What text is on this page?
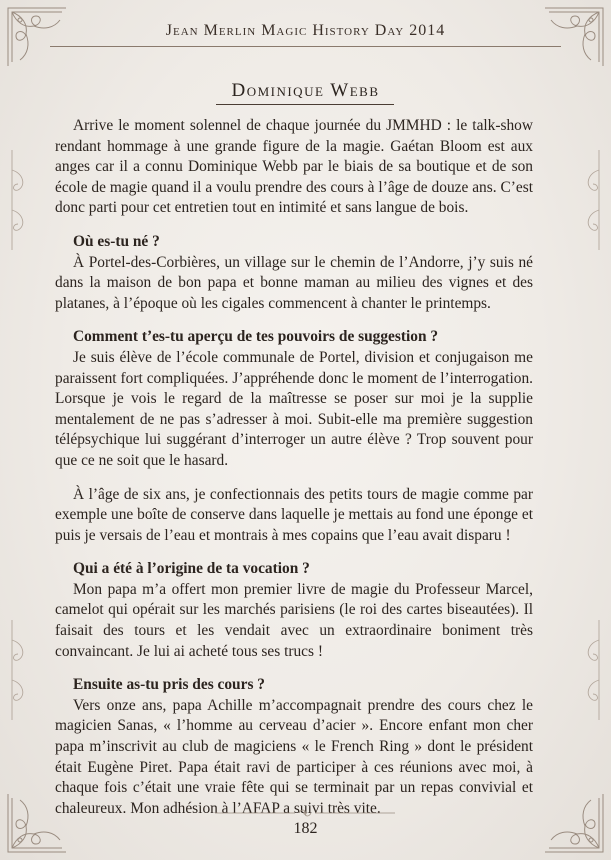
Jean Merlin Magic History Day 2014
Dominique Webb

Arrive le moment solennel de chaque journée du JMMHD : le talk-show rendant hommage à une grande figure de la magie. Gaétan Bloom est aux anges car il a connu Dominique Webb par le biais de sa boutique et de son école de magie quand il a voulu prendre des cours à l’âge de douze ans. C’est donc parti pour cet entretien tout en intimité et sans langue de bois.

Où es-tu né ?

À Portel-des-Corbières, un village sur le chemin de l’Andorre, j’y suis né dans la maison de bon papa et bonne maman au milieu des vignes et des platanes, à l’époque où les cigales commencent à chanter le printemps.

Comment t’es-tu aperçu de tes pouvoirs de suggestion ?

Je suis élève de l’école communale de Portel, division et conjugaison me paraissent fort compliquées. J’appréhende donc le moment de l’interrogation. Lorsque je vois le regard de la maîtresse se poser sur moi je la supplie mentalement de ne pas s’adresser à moi. Subit-elle ma première suggestion télépsychique lui suggérant d’interroger un autre élève ? Trop souvent pour que ce ne soit que le hasard.

À l’âge de six ans, je confectionnais des petits tours de magie comme par exemple une boîte de conserve dans laquelle je mettais au fond une éponge et puis je versais de l’eau et montrais à mes copains que l’eau avait disparu !

Qui a été à l’origine de ta vocation ?

Mon papa m’a offert mon premier livre de magie du Professeur Marcel, camelot qui opérait sur les marchés parisiens (le roi des cartes biseautées). Il faisait des tours et les vendait avec un extraordinaire boniment très convaincant. Je lui ai acheté tous ses trucs !

Ensuite as-tu pris des cours ?

Vers onze ans, papa Achille m’accompagnait prendre des cours chez le magicien Sanas, « l’homme au cerveau d’acier ». Encore enfant mon cher papa m’inscrivit au club de magiciens « le French Ring » dont le président était Eugène Piret. Papa était ravi de participer à ces réunions avec moi, à chaque fois c’était une vraie fête qui se terminait par un repas convivial et chaleureux. Mon adhésion à l’AFAP a suivi très vite.

182
